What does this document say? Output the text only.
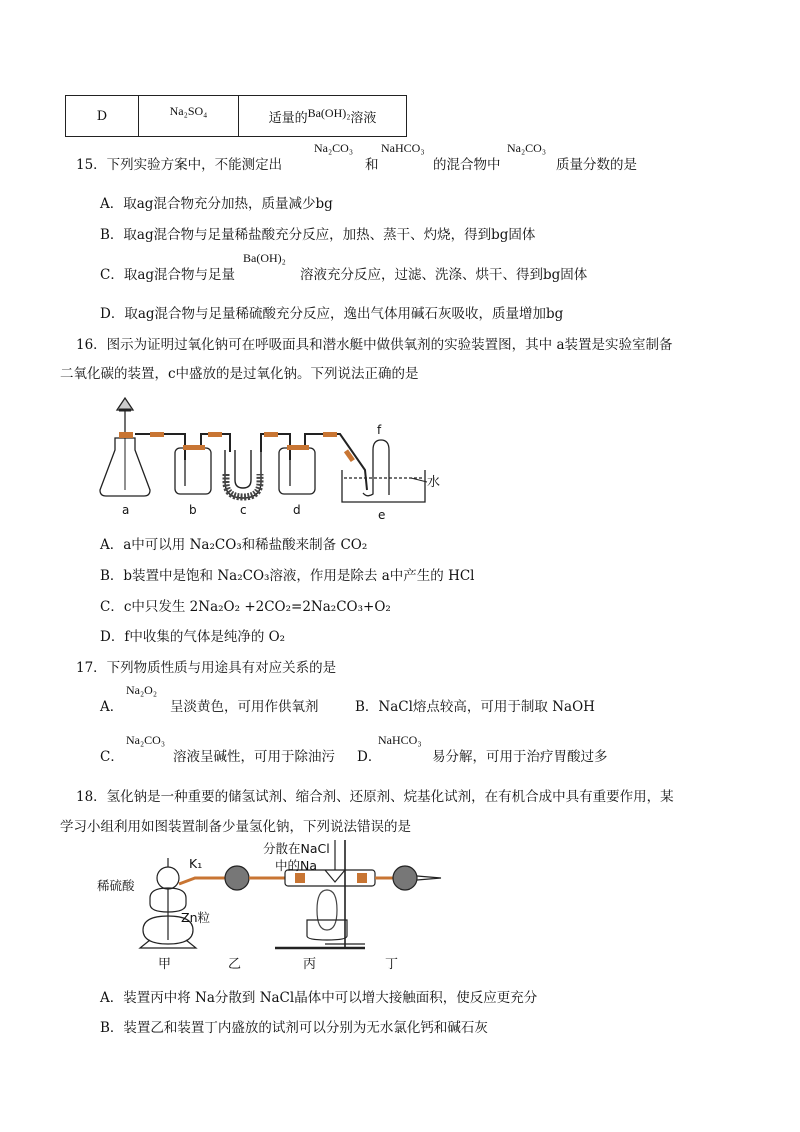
D	Na₂SO₄	适量的Ba(OH)₂溶液
15．下列实验方案中，不能测定出
Na₂CO₃
和
NaHCO₃
的混合物中
Na₂CO₃
质量分数的是
A．取ag混合物充分加热，质量减少bg
B．取ag混合物与足量稀盐酸充分反应，加热、蒸干、灼烧，得到bg固体
C．取ag混合物与足量
Ba(OH)₂
溶液充分反应，过滤、洗涤、烘干、得到bg固体
D．取ag混合物与足量稀硫酸充分反应，逸出气体用碱石灰吸收，质量增加bg
16．图示为证明过氧化钠可在呼吸面具和潜水艇中做供氧剂的实验装置图，其中 a装置是实验室制备
二氧化碳的装置，c中盛放的是过氧化钠。下列说法正确的是
a	b	c	d	e
f
水
A．a中可以用 Na₂CO₃和稀盐酸来制备 CO₂
B．b装置中是饱和 Na₂CO₃溶液，作用是除去 a中产生的 HCl
C．c中只发生 2Na₂O₂ +2CO₂=2Na₂CO₃+O₂
D．f中收集的气体是纯净的 O₂
17．下列物质性质与用途具有对应关系的是
A．
Na₂O₂
呈淡黄色，可用作供氧剂	B．NaCl熔点较高，可用于制取 NaOH
C．
Na₂CO₃
溶液呈碱性，可用于除油污 D．
NaHCO₃
易分解，可用于治疗胃酸过多
18．氢化钠是一种重要的储氢试剂、缩合剂、还原剂、烷基化试剂，在有机合成中具有重要作用，某
学习小组利用如图装置制备少量氢化钠，下列说法错误的是
稀硫酸
K₁
Zn粒
分散在NaCl
中的Na
甲	乙	丙	丁
A．装置丙中将 Na分散到 NaCl晶体中可以增大接触面积，使反应更充分
B．装置乙和装置丁内盛放的试剂可以分别为无水氯化钙和碱石灰
